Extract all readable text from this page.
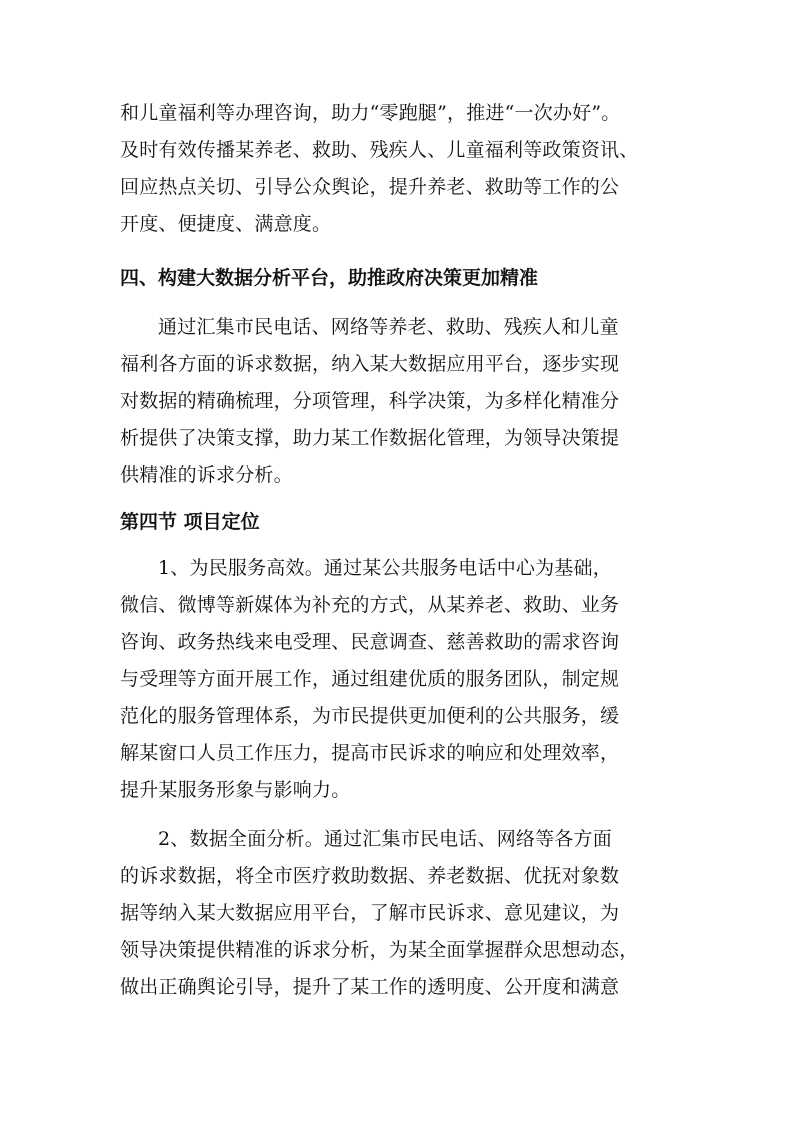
和儿童福利等办理咨询，助力“零跑腿”，推进“一次办好”。
及时有效传播某养老、救助、残疾人、儿童福利等政策资讯、
回应热点关切、引导公众舆论，提升养老、救助等工作的公
开度、便捷度、满意度。
四、构建大数据分析平台，助推政府决策更加精准
通过汇集市民电话、网络等养老、救助、残疾人和儿童
福利各方面的诉求数据，纳入某大数据应用平台，逐步实现
对数据的精确梳理，分项管理，科学决策，为多样化精准分
析提供了决策支撑，助力某工作数据化管理，为领导决策提
供精准的诉求分析。
第四节 项目定位
1、为民服务高效。通过某公共服务电话中心为基础，
微信、微博等新媒体为补充的方式，从某养老、救助、业务
咨询、政务热线来电受理、民意调查、慈善救助的需求咨询
与受理等方面开展工作，通过组建优质的服务团队，制定规
范化的服务管理体系，为市民提供更加便利的公共服务，缓
解某窗口人员工作压力，提高市民诉求的响应和处理效率，
提升某服务形象与影响力。
2、数据全面分析。通过汇集市民电话、网络等各方面
的诉求数据，将全市医疗救助数据、养老数据、优抚对象数
据等纳入某大数据应用平台，了解市民诉求、意见建议，为
领导决策提供精准的诉求分析，为某全面掌握群众思想动态，
做出正确舆论引导，提升了某工作的透明度、公开度和满意
